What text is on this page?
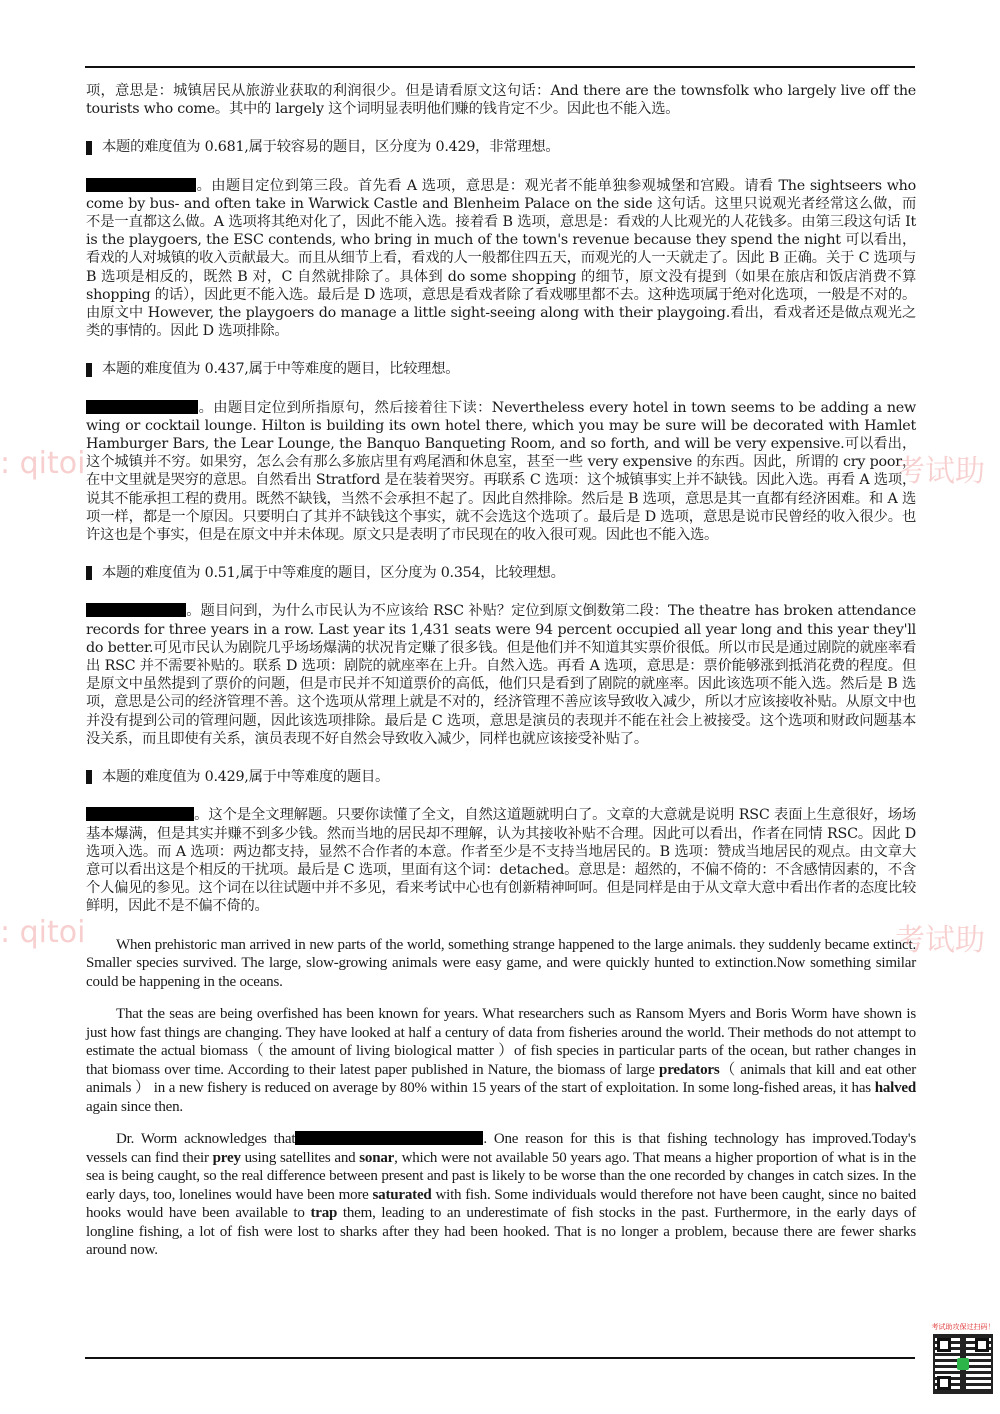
项，意思是：城镇居民从旅游业获取的利润很少。但是请看原文这句话：And there are the townsfolk who largely live off the tourists who come。其中的 largely 这个词明显表明他们赚的钱肯定不少。因此也不能入选。

本题的难度值为 0.681,属于较容易的题目，区分度为 0.429，非常理想。

。由题目定位到第三段。首先看 A 选项，意思是：观光者不能单独参观城堡和宫殿。请看 The sightseers who come by bus- and often take in Warwick Castle and Blenheim Palace on the side 这句话。这里只说观光者经常这么做，而不是一直都这么做。A 选项将其绝对化了，因此不能入选。接着看 B 选项，意思是：看戏的人比观光的人花钱多。由第三段这句话 It is the playgoers, the ESC contends, who bring in much of the town's revenue because they spend the night 可以看出，看戏的人对城镇的收入贡献最大。而且从细节上看，看戏的人一般都住四五天，而观光的人一天就走了。因此 B 正确。关于 C 选项与 B 选项是相反的，既然 B 对，C 自然就排除了。具体到 do some shopping 的细节，原文没有提到（如果在旅店和饭店消费不算 shopping 的话），因此更不能入选。最后是 D 选项，意思是看戏者除了看戏哪里都不去。这种选项属于绝对化选项，一般是不对的。由原文中 However, the playgoers do manage a little sight-seeing along with their playgoing.看出，看戏者还是做点观光之类的事情的。因此 D 选项排除。

本题的难度值为 0.437,属于中等难度的题目，比较理想。

。由题目定位到所指原句，然后接着往下读：Nevertheless every hotel in town seems to be adding a new wing or cocktail lounge. Hilton is building its own hotel there, which you may be sure will be decorated with Hamlet Hamburger Bars, the Lear Lounge, the Banquo Banqueting Room, and so forth, and will be very expensive.可以看出，这个城镇并不穷。如果穷，怎么会有那么多旅店里有鸡尾酒和休息室，甚至一些 very expensive 的东西。因此，所谓的 cry poor，在中文里就是哭穷的意思。自然看出 Stratford 是在装着哭穷。再联系 C 选项：这个城镇事实上并不缺钱。因此入选。再看 A 选项，说其不能承担工程的费用。既然不缺钱，当然不会承担不起了。因此自然排除。然后是 B 选项，意思是其一直都有经济困难。和 A 选项一样，都是一个原因。只要明白了其并不缺钱这个事实，就不会选这个选项了。最后是 D 选项，意思是说市民曾经的收入很少。也许这也是个事实，但是在原文中并未体现。原文只是表明了市民现在的收入很可观。因此也不能入选。

本题的难度值为 0.51,属于中等难度的题目，区分度为 0.354，比较理想。

。题目问到，为什么市民认为不应该给 RSC 补贴？定位到原文倒数第二段：The theatre has broken attendance records for three years in a row. Last year its 1,431 seats were 94 percent occupied all year long and this year they'll do better.可见市民认为剧院几乎场场爆满的状况肯定赚了很多钱。但是他们并不知道其实票价很低。所以市民是通过剧院的就座率看出 RSC 并不需要补贴的。联系 D 选项：剧院的就座率在上升。自然入选。再看 A 选项，意思是：票价能够涨到抵消花费的程度。但是原文中虽然提到了票价的问题，但是市民并不知道票价的高低，他们只是看到了剧院的就座率。因此该选项不能入选。然后是 B 选项，意思是公司的经济管理不善。这个选项从常理上就是不对的，经济管理不善应该导致收入减少，所以才应该接收补贴。从原文中也并没有提到公司的管理问题，因此该选项排除。最后是 C 选项，意思是演员的表现并不能在社会上被接受。这个选项和财政问题基本没关系，而且即使有关系，演员表现不好自然会导致收入减少，同样也就应该接受补贴了。

本题的难度值为 0.429,属于中等难度的题目。

。这个是全文理解题。只要你读懂了全文，自然这道题就明白了。文章的大意就是说明 RSC 表面上生意很好，场场基本爆满，但是其实并赚不到多少钱。然而当地的居民却不理解，认为其接收补贴不合理。因此可以看出，作者在同情 RSC。因此 D 选项入选。而 A 选项：两边都支持，显然不合作者的本意。作者至少是不支持当地居民的。B 选项：赞成当地居民的观点。由文章大意可以看出这是个相反的干扰项。最后是 C 选项，里面有这个词：detached。意思是：超然的，不偏不倚的：不含感情因素的，不含个人偏见的参见。这个词在以往试题中并不多见，看来考试中心也有创新精神呵呵。但是同样是由于从文章大意中看出作者的态度比较鲜明，因此不是不偏不倚的。

When prehistoric man arrived in new parts of the world, something strange happened to the large animals. they suddenly became extinct. Smaller species survived. The large, slow-growing animals were easy game, and were quickly hunted to extinction.Now something similar could be happening in the oceans.

That the seas are being overfished has been known for years. What researchers such as Ransom Myers and Boris Worm have shown is just how fast things are changing. They have looked at half a century of data from fisheries around the world. Their methods do not attempt to estimate the actual biomass（ the amount of living biological matter ）of fish species in particular parts of the ocean, but rather changes in that biomass over time. According to their latest paper published in Nature, the biomass of large predators（ animals that kill and eat other animals ） in a new fishery is reduced on average by 80% within 15 years of the start of exploitation. In some long-fished areas, it has halved again since then.

Dr. Worm acknowledges that	. One reason for this is that fishing technology has improved.Today's vessels can find their prey using satellites and sonar, which were not available 50 years ago. That means a higher proportion of what is in the sea is being caught, so the real difference between present and past is likely to be worse than the one recorded by changes in catch sizes. In the early days, too, lonelines would have been more saturated with fish. Some individuals would therefore not have been caught, since no baited hooks would have been available to trap them, leading to an underestimate of fish stocks in the past. Furthermore, in the early days of longline fishing, a lot of fish were lost to sharks after they had been hooked. That is no longer a problem, because there are fewer sharks around now.

: qitoi	考试助
: qitoi	考试助
考试助攻保过扫码！
